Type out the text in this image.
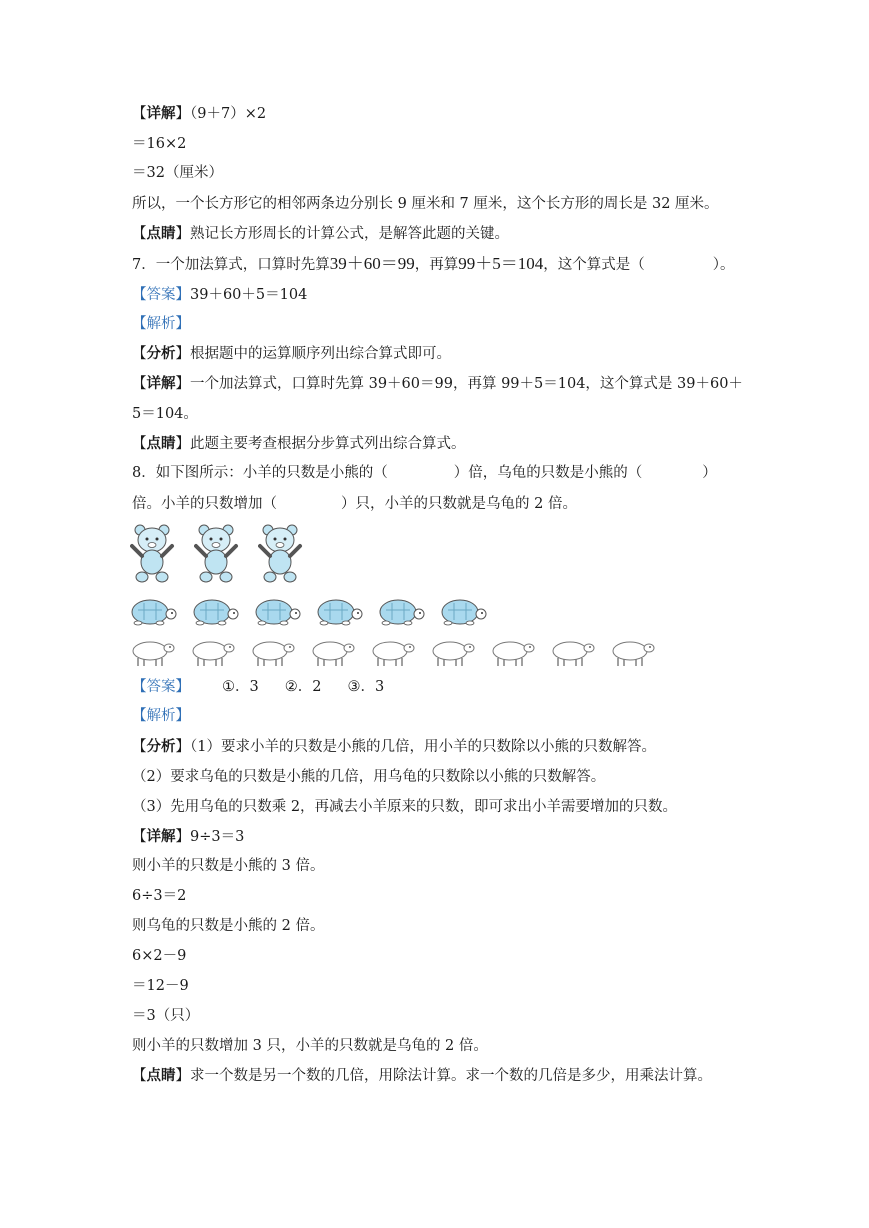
【详解】（9＋7）×2
＝16×2
＝32（厘米）
所以，一个长方形它的相邻两条边分别长 9 厘米和 7 厘米，这个长方形的周长是 32 厘米。
【点睛】熟记长方形周长的计算公式，是解答此题的关键。
7．一个加法算式，口算时先算39＋60＝99，再算99＋5＝104，这个算式是（	）。
【答案】39＋60＋5＝104
【解析】
【分析】根据题中的运算顺序列出综合算式即可。
【详解】一个加法算式，口算时先算 39＋60＝99，再算 99＋5＝104，这个算式是 39＋60＋
5＝104。
【点睛】此题主要考查根据分步算式列出综合算式。
8．如下图所示：小羊的只数是小熊的（	）倍，乌龟的只数是小熊的（	）
倍。小羊的只数增加（	）只，小羊的只数就是乌龟的 2 倍。
【答案】 ①．3 ②．2 ③．3
【解析】
【分析】（1）要求小羊的只数是小熊的几倍，用小羊的只数除以小熊的只数解答。
（2）要求乌龟的只数是小熊的几倍，用乌龟的只数除以小熊的只数解答。
（3）先用乌龟的只数乘 2，再减去小羊原来的只数，即可求出小羊需要增加的只数。
【详解】9÷3＝3
则小羊的只数是小熊的 3 倍。
6÷3＝2
则乌龟的只数是小熊的 2 倍。
6×2－9
＝12－9
＝3（只）
则小羊的只数增加 3 只，小羊的只数就是乌龟的 2 倍。
【点睛】求一个数是另一个数的几倍，用除法计算。求一个数的几倍是多少，用乘法计算。
